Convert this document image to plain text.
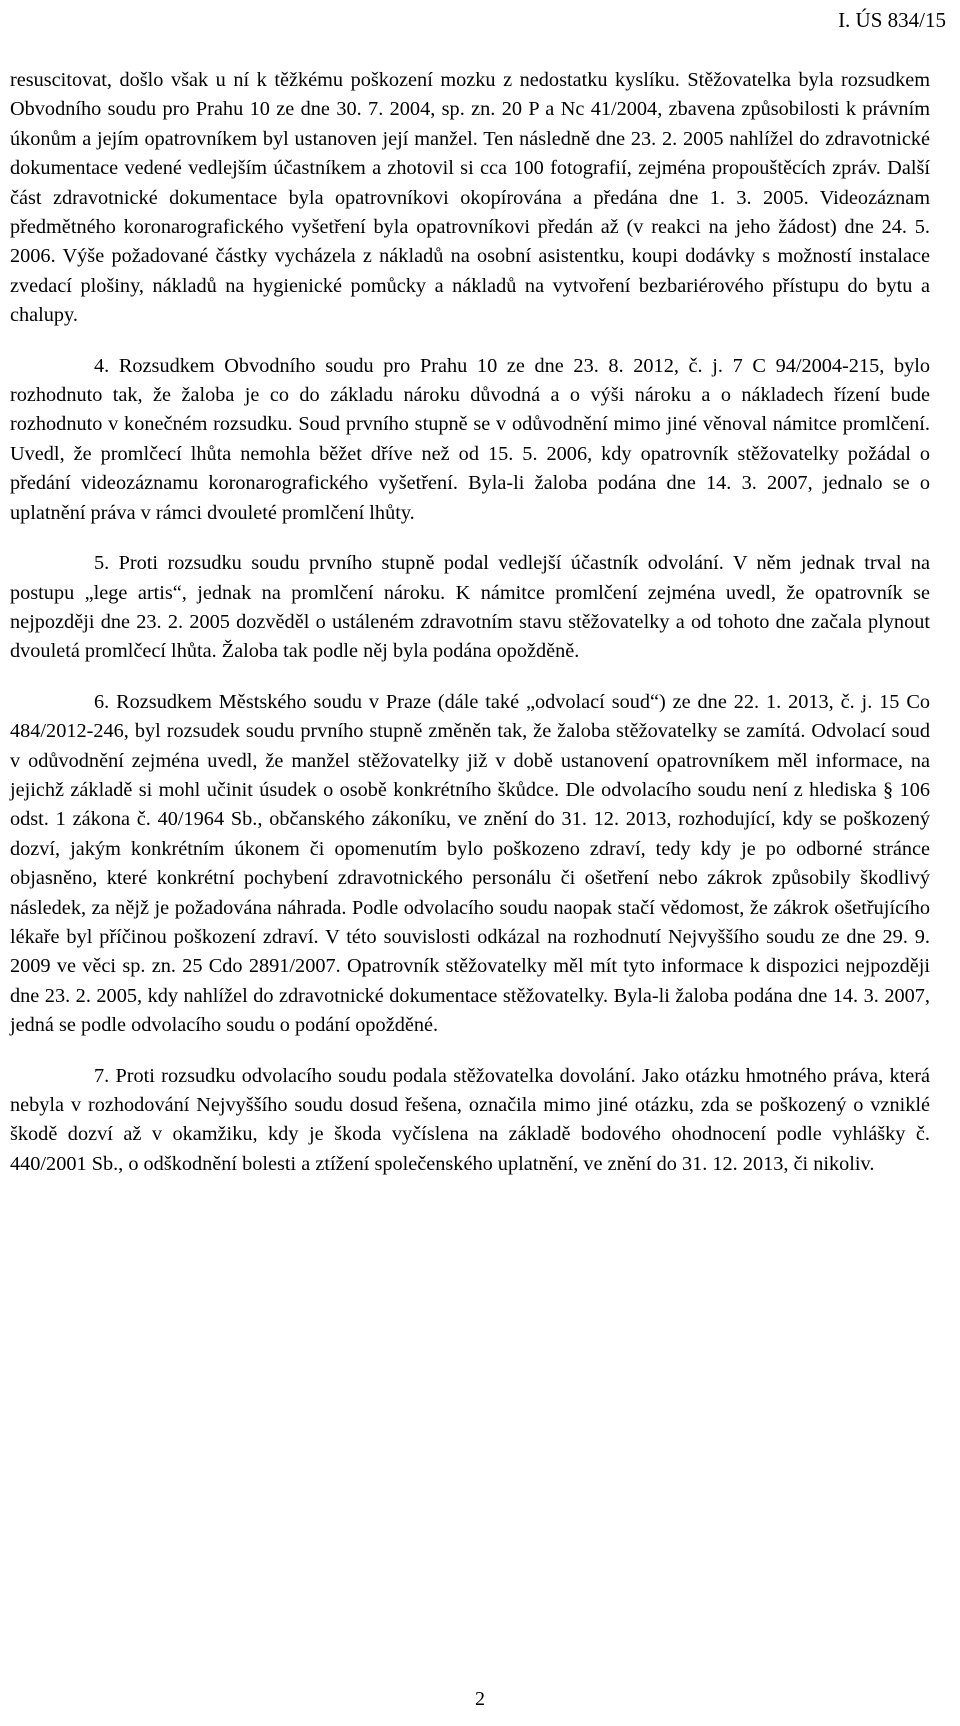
I. ÚS 834/15

resuscitovat, došlo však u ní k těžkému poškození mozku z nedostatku kyslíku. Stěžovatelka byla rozsudkem Obvodního soudu pro Prahu 10 ze dne 30. 7. 2004, sp. zn. 20 P a Nc 41/2004, zbavena způsobilosti k právním úkonům a jejím opatrovníkem byl ustanoven její manžel. Ten následně dne 23. 2. 2005 nahlížel do zdravotnické dokumentace vedené vedlejším účastníkem a zhotovil si cca 100 fotografií, zejména propouštěcích zpráv. Další část zdravotnické dokumentace byla opatrovníkovi okopírována a předána dne 1. 3. 2005. Videozáznam předmětného koronarografického vyšetření byla opatrovníkovi předán až (v reakci na jeho žádost) dne 24. 5. 2006. Výše požadované částky vycházela z nákladů na osobní asistentku, koupi dodávky s možností instalace zvedací plošiny, nákladů na hygienické pomůcky a nákladů na vytvoření bezbariérového přístupu do bytu a chalupy.

4. Rozsudkem Obvodního soudu pro Prahu 10 ze dne 23. 8. 2012, č. j. 7 C 94/2004-215, bylo rozhodnuto tak, že žaloba je co do základu nároku důvodná a o výši nároku a o nákladech řízení bude rozhodnuto v konečném rozsudku. Soud prvního stupně se v odůvodnění mimo jiné věnoval námitce promlčení. Uvedl, že promlčecí lhůta nemohla běžet dříve než od 15. 5. 2006, kdy opatrovník stěžovatelky požádal o předání videozáznamu koronarografického vyšetření. Byla-li žaloba podána dne 14. 3. 2007, jednalo se o uplatnění práva v rámci dvouleté promlčení lhůty.

5. Proti rozsudku soudu prvního stupně podal vedlejší účastník odvolání. V něm jednak trval na postupu „lege artis“, jednak na promlčení nároku. K námitce promlčení zejména uvedl, že opatrovník se nejpozději dne 23. 2. 2005 dozvěděl o ustáleném zdravotním stavu stěžovatelky a od tohoto dne začala plynout dvouletá promlčecí lhůta. Žaloba tak podle něj byla podána opožděně.

6. Rozsudkem Městského soudu v Praze (dále také „odvolací soud“) ze dne 22. 1. 2013, č. j. 15 Co 484/2012-246, byl rozsudek soudu prvního stupně změněn tak, že žaloba stěžovatelky se zamítá. Odvolací soud v odůvodnění zejména uvedl, že manžel stěžovatelky již v době ustanovení opatrovníkem měl informace, na jejichž základě si mohl učinit úsudek o osobě konkrétního škůdce. Dle odvolacího soudu není z hlediska § 106 odst. 1 zákona č. 40/1964 Sb., občanského zákoníku, ve znění do 31. 12. 2013, rozhodující, kdy se poškozený dozví, jakým konkrétním úkonem či opomenutím bylo poškozeno zdraví, tedy kdy je po odborné stránce objasněno, které konkrétní pochybení zdravotnického personálu či ošetření nebo zákrok způsobily škodlivý následek, za nějž je požadována náhrada. Podle odvolacího soudu naopak stačí vědomost, že zákrok ošetřujícího lékaře byl příčinou poškození zdraví. V této souvislosti odkázal na rozhodnutí Nejvyššího soudu ze dne 29. 9. 2009 ve věci sp. zn. 25 Cdo 2891/2007. Opatrovník stěžovatelky měl mít tyto informace k dispozici nejpozději dne 23. 2. 2005, kdy nahlížel do zdravotnické dokumentace stěžovatelky. Byla-li žaloba podána dne 14. 3. 2007, jedná se podle odvolacího soudu o podání opožděné.

7. Proti rozsudku odvolacího soudu podala stěžovatelka dovolání. Jako otázku hmotného práva, která nebyla v rozhodování Nejvyššího soudu dosud řešena, označila mimo jiné otázku, zda se poškozený o vzniklé škodě dozví až v okamžiku, kdy je škoda vyčíslena na základě bodového ohodnocení podle vyhlášky č. 440/2001 Sb., o odškodnění bolesti a ztížení společenského uplatnění, ve znění do 31. 12. 2013, či nikoliv.

2
